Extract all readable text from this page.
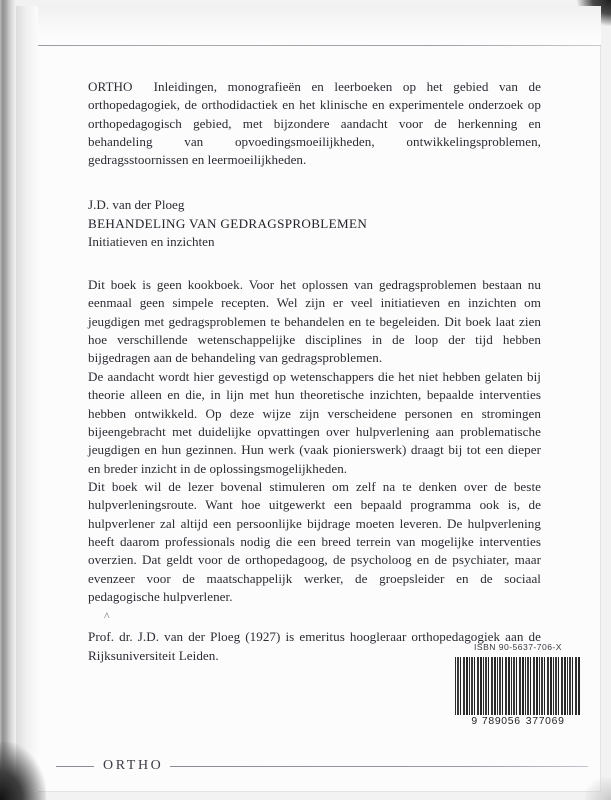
ORTHO Inleidingen, monografieën en leerboeken op het gebied van de orthopedagogiek, de orthodidactiek en het klinische en experimentele onderzoek op orthopedagogisch gebied, met bijzondere aandacht voor de herkenning en behandeling van opvoedingsmoeilijkheden, ontwikkelingsproblemen, gedragsstoornissen en leermoeilijkheden.

J.D. van der Ploeg
BEHANDELING VAN GEDRAGSPROBLEMEN
Initiatieven en inzichten

Dit boek is geen kookboek. Voor het oplossen van gedragsproblemen bestaan nu eenmaal geen simpele recepten. Wel zijn er veel initiatieven en inzichten om jeugdigen met gedragsproblemen te behandelen en te begeleiden. Dit boek laat zien hoe verschillende wetenschappelijke disciplines in de loop der tijd hebben bijgedragen aan de behandeling van gedragsproblemen.

De aandacht wordt hier gevestigd op wetenschappers die het niet hebben gelaten bij theorie alleen en die, in lijn met hun theoretische inzichten, bepaalde interventies hebben ontwikkeld. Op deze wijze zijn verscheidene personen en stromingen bijeengebracht met duidelijke opvattingen over hulpverlening aan problematische jeugdigen en hun gezinnen. Hun werk (vaak pionierswerk) draagt bij tot een dieper en breder inzicht in de oplossingsmogelijkheden.

Dit boek wil de lezer bovenal stimuleren om zelf na te denken over de beste hulpverleningsroute. Want hoe uitgewerkt een bepaald programma ook is, de hulpverlener zal altijd een persoonlijke bijdrage moeten leveren. De hulpverlening heeft daarom professionals nodig die een breed terrein van mogelijke interventies overzien. Dat geldt voor de orthopedagoog, de psycholoog en de psychiater, maar evenzeer voor de maatschappelijk werker, de groepsleider en de sociaal pedagogische hulpverlener.

Prof. dr. J.D. van der Ploeg (1927) is emeritus hoogleraar orthopedagogiek aan de Rijksuniversiteit Leiden.

^
ISBN 90-5637-706-X
9 789056 377069
ORTHO
